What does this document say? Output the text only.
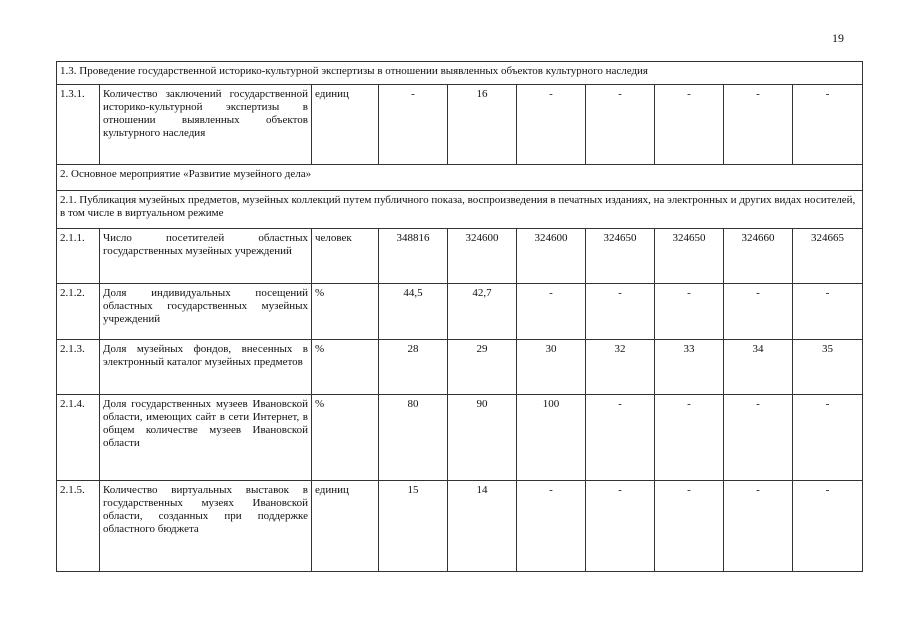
19
1.3. Проведение государственной историко-культурной экспертизы в отношении выявленных объектов культурного наследия									
1.3.1.	Количество заключений государственной историко-культурной экспертизы в отношении выявленных объектов культурного наследия	единиц	-	16	-	-	-	-	-
2. Основное мероприятие «Развитие музейного дела»									
2.1. Публикация музейных предметов, музейных коллекций путем публичного показа, воспроизведения в печатных изданиях, на электронных и других видах носителей, в том числе в виртуальном режиме									
2.1.1.	Число посетителей областных государственных музейных учреждений	человек	348816	324600	324600	324650	324650	324660	324665
2.1.2.	Доля индивидуальных посещений областных государственных музейных учреждений	%	44,5	42,7	-	-	-	-	-
2.1.3.	Доля музейных фондов, внесенных в электронный каталог музейных предметов	%	28	29	30	32	33	34	35
2.1.4.	Доля государственных музеев Ивановской области, имеющих сайт в сети Интернет, в общем количестве музеев Ивановской области	%	80	90	100	-	-	-	-
2.1.5.	Количество виртуальных выставок в государственных музеях Ивановской области, созданных при поддержке областного бюджета	единиц	15	14	-	-	-	-	-
